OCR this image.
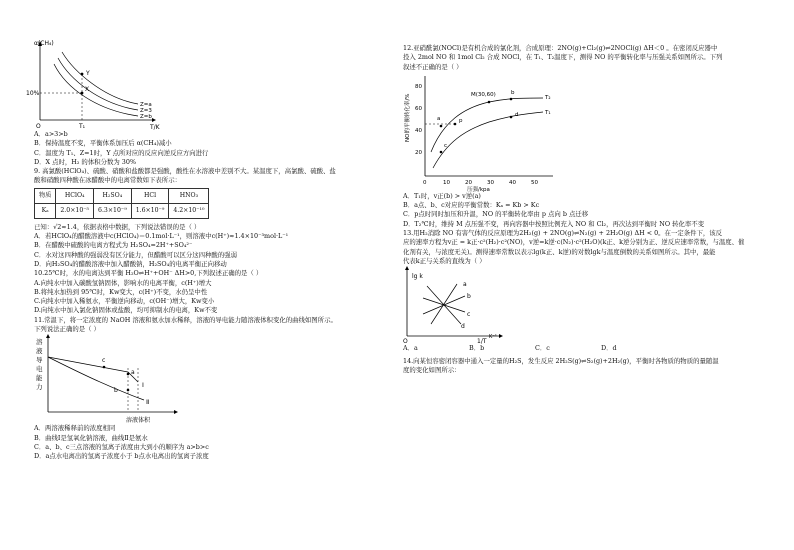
α(CH₄)
10%
O	T₁	T/K
Y
X
Z=a
Z=3
Z=b
A．a>3>b
B．保持温度不变，平衡体系加压后 α(CH₄)减小
C．温度为 T₁、Z=1时，Y 点所对应的反应向逆反应方向进行
D．X 点时，H₂ 的体积分数为 30%
9. 高氯酸(HClO₄)、硫酸、硝酸和盐酸都是强酸，酸性在水溶液中差别不大。某温度下，高氯酸、硫酸、盐
酸和硝酸四种酸在冰醋酸中的电离常数如下表所示：
物质	HClO₄	H₂SO₄	HCl	HNO₃
Kₐ	2.0×10⁻⁵	6.3×10⁻⁹	1.6×10⁻⁹	4.2×10⁻¹⁰
已知：√2≈1.4，依据表格中数据，下列说法错误的是（ ）
A．若HClO₄的醋酸溶液中c(HClO₄)＝0.1mol·L⁻¹，则溶液中c(H⁺)≈1.4×10⁻³mol·L⁻¹
B．在醋酸中硫酸的电离方程式为 H₂SO₄=2H⁺+SO₄²⁻
C．水对这四种酸的强弱没有区分能力，但醋酸可以区分这四种酸的强弱
D．向H₂SO₄的醋酸溶液中加入醋酸钠，H₂SO₄的电离平衡正向移动
10.25℃时，水的电离达到平衡 H₂O⇌H⁺+OH⁻ ΔH>0,下列叙述正确的是（ ）
A.向纯水中加入碳酸氢钠固体，影响水的电离平衡，c(H⁺)增大
B.将纯水加热到 95℃时，Kw变大，c(H⁺)不变，水仍呈中性
C.向纯水中加入稀氨水，平衡逆向移动，c(OH⁻)增大，Kw变小
D.向纯水中加入氯化钠固体或盐酸，均可抑制水的电离，Kw不变
11.常温下，将一定浓度的 NaOH 溶液和氨水加水稀释，溶液的导电能力随溶液体积变化的曲线如图所示。
下列说法正确的是（ ）
溶
液
导
电
能
力
c
a
b
Ⅰ
Ⅱ
溶液体积
A．两溶液稀释前的浓度相同
B．曲线Ⅰ是氢氧化钠溶液，曲线Ⅱ是氨水
C．a、b、c三点溶液的氢离子浓度由大到小的顺序为 a>b>c
D．a点水电离出的氢离子浓度小于 b点水电离出的氢离子浓度
12.亚硝酰氯(NOCl)是有机合成的氯化剂，合成原理：2NO(g)+Cl₂(g)⇌2NOCl(g) ΔH＜0 。在密闭反应器中
投入 2mol NO 和 1mol Cl₂ 合成 NOCl，在 T₁、T₂温度下，测得 NO 的平衡转化率与压强关系如图所示。下列
叙述不正确的是（ ）
NO的平衡转化率/%
80
60
40
20
0	10	20	30	40	50
压强/kpa
M(30,60)	b
a	p
c
d
T₂
T₁
A．T₁时，v正(b) > v逆(a)
B．a点、b、c对应的平衡常数：Kₐ = Kb > Kc
C．p点时同时加压和升温，NO 的平衡转化率由 p 点向 b 点迁移
D．T₂℃时，维持 M 点压强不变，再向容器中按照比例充入 NO 和 Cl₂，再次达到平衡时 NO 转化率不变
13.用H₂消除 NO 有害气体的反应原理为2H₂(g) + 2NO(g)⇌N₂(g) + 2H₂O(g) ΔH < 0。在一定条件下，该反
应的速率方程为v正 = k正·c²(H₂)·c²(NO)，v逆=k逆·c(N₂)·c²(H₂O)(k正、k逆分别为正、逆反应速率常数，与温度、催
化剂有关，与浓度无关)。测得速率常数以表示lg(k正、k逆)的对数lgk与温度倒数的关系如图所示。其中，最能
代表k正与关系的直线为（ ）
lg k
O	1/T
K⁻¹
a
b
c
d
A．a	B．b	C．c	D．d
14.向某恒容密闭容器中通入一定量的H₂S，发生反应 2H₂S(g)⇌S₂(g)+2H₂(g)，平衡时各物质的物质的量随温
度的变化如图所示：
